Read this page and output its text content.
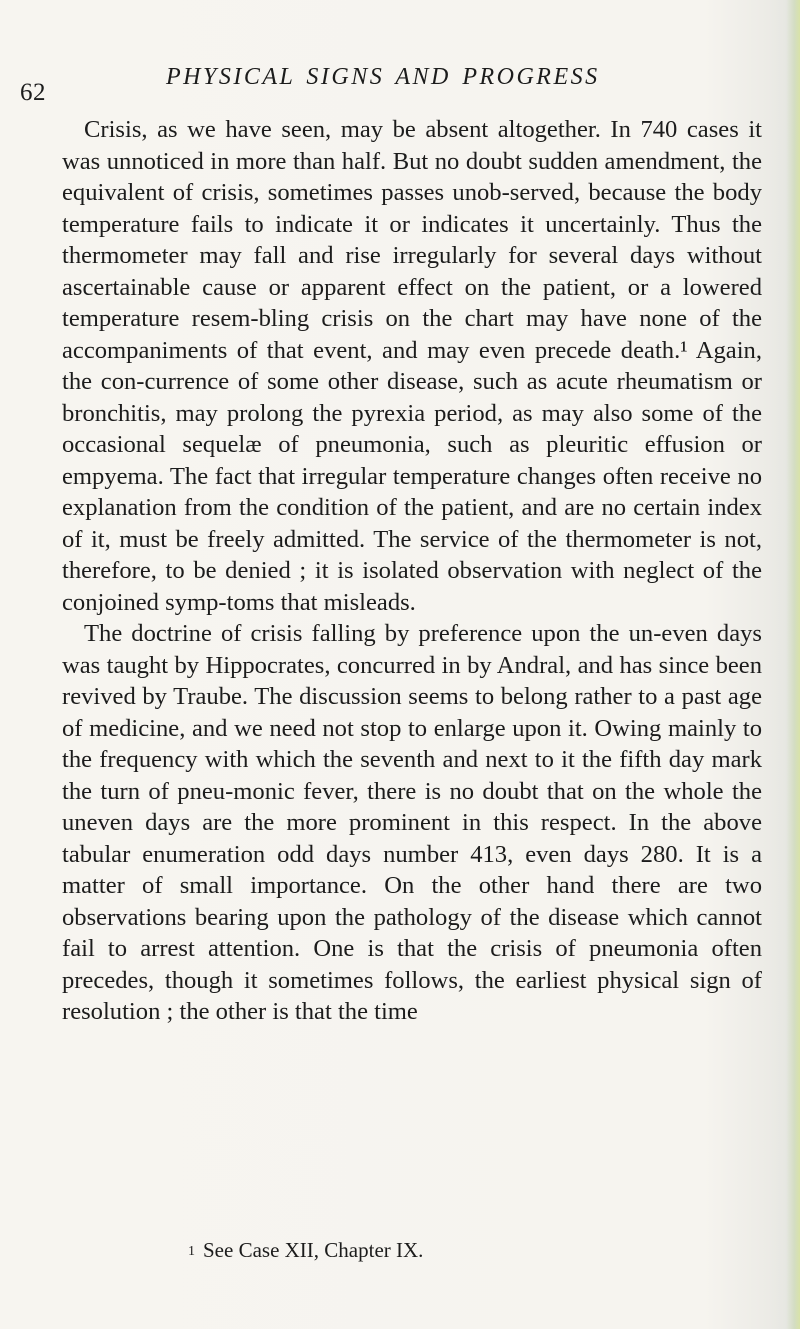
62
PHYSICAL SIGNS AND PROGRESS

Crisis, as we have seen, may be absent altogether. In 740 cases it was unnoticed in more than half. But no doubt sudden amendment, the equivalent of crisis, sometimes passes unob-served, because the body temperature fails to indicate it or indicates it uncertainly. Thus the thermometer may fall and rise irregularly for several days without ascertainable cause or apparent effect on the patient, or a lowered temperature resem-bling crisis on the chart may have none of the accompaniments of that event, and may even precede death.¹ Again, the con-currence of some other disease, such as acute rheumatism or bronchitis, may prolong the pyrexia period, as may also some of the occasional sequelæ of pneumonia, such as pleuritic effusion or empyema. The fact that irregular temperature changes often receive no explanation from the condition of the patient, and are no certain index of it, must be freely admitted. The service of the thermometer is not, therefore, to be denied ; it is isolated observation with neglect of the conjoined symp-toms that misleads.

The doctrine of crisis falling by preference upon the un-even days was taught by Hippocrates, concurred in by Andral, and has since been revived by Traube. The discussion seems to belong rather to a past age of medicine, and we need not stop to enlarge upon it. Owing mainly to the frequency with which the seventh and next to it the fifth day mark the turn of pneu-monic fever, there is no doubt that on the whole the uneven days are the more prominent in this respect. In the above tabular enumeration odd days number 413, even days 280. It is a matter of small importance. On the other hand there are two observations bearing upon the pathology of the disease which cannot fail to arrest attention. One is that the crisis of pneumonia often precedes, though it sometimes follows, the earliest physical sign of resolution ; the other is that the time

1 See Case XII, Chapter IX.
